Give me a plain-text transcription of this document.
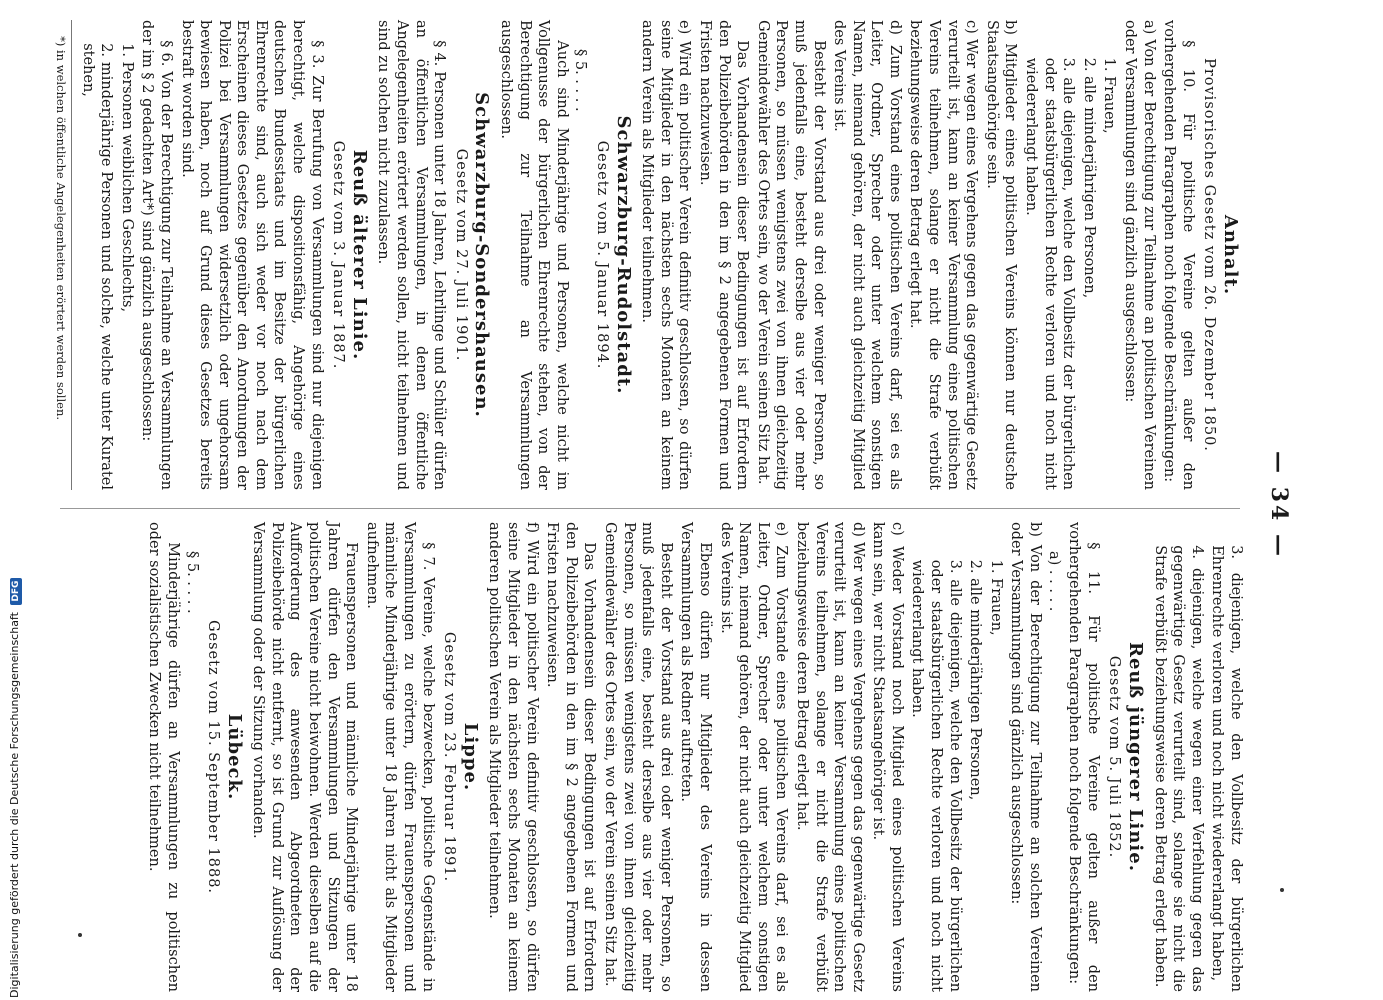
— 34 —
Anhalt.
Provisorisches Gesetz vom 26. Dezember 1850.

§ 10. Für politische Vereine gelten außer den vorhergehenden Paragraphen noch folgende Beschränkungen:

a) Von der Berechtigung zur Teilnahme an politischen Vereinen oder Versammlungen sind gänzlich ausgeschlossen:

1. Frauen,

2. alle minderjährigen Personen,

3. alle diejenigen, welche den Vollbesitz der bürgerlichen oder staatsbürgerlichen Rechte verloren und noch nicht wiedererlangt haben.

b) Mitglieder eines politischen Vereins können nur deutsche Staatsangehörige sein.

c) Wer wegen eines Vergehens gegen das gegenwärtige Gesetz verurteilt ist, kann an keiner Versammlung eines politischen Vereins teilnehmen, solange er nicht die Strafe verbüßt beziehungsweise deren Betrag erlegt hat.

d) Zum Vorstand eines politischen Vereins darf, sei es als Leiter, Ordner, Sprecher oder unter welchem sonstigen Namen, niemand gehören, der nicht auch gleichzeitig Mitglied des Vereins ist.

Besteht der Vorstand aus drei oder weniger Personen, so muß jedenfalls eine, besteht derselbe aus vier oder mehr Personen, so müssen wenigstens zwei von ihnen gleichzeitig Gemeindewähler des Ortes sein, wo der Verein seinen Sitz hat.

Das Vorhandensein dieser Bedingungen ist auf Erfordern den Polizeibehörden in den im § 2 angegebenen Formen und Fristen nachzuweisen.

e) Wird ein politischer Verein definitiv geschlossen, so dürfen seine Mitglieder in den nächsten sechs Monaten an keinem andern Verein als Mitglieder teilnehmen.

Schwarzburg-Rudolstadt.
Gesetz vom 5. Januar 1894.
§ 5. . . . .

Auch sind Minderjährige und Personen, welche nicht im Vollgenusse der bürgerlichen Ehrenrechte stehen, von der Berechtigung zur Teilnahme an Versammlungen ausgeschlossen.

Schwarzburg-Sondershausen.
Gesetz vom 27. Juli 1901.

§ 4. Personen unter 18 Jahren, Lehrlinge und Schüler dürfen an öffentlichen Versammlungen, in denen öffentliche Angelegenheiten erörtert werden sollen, nicht teilnehmen und sind zu solchen nicht zuzulassen.

Reuß älterer Linie.
Gesetz vom 3. Januar 1887.

§ 3. Zur Berufung von Versammlungen sind nur diejenigen berechtigt, welche dispositionsfähig, Angehörige eines deutschen Bundesstaats und im Besitze der bürgerlichen Ehrenrechte sind, auch sich weder vor noch nach dem Erscheinen dieses Gesetzes gegenüber den Anordnungen der Polizei bei Versammlungen widersetzlich oder ungehorsam bewiesen haben, noch auf Grund dieses Gesetzes bereits bestraft worden sind.

§ 6. Von der Berechtigung zur Teilnahme an Versammlungen der im § 2 gedachten Art*) sind gänzlich ausgeschlossen:

1. Personen weiblichen Geschlechts,

2. minderjährige Personen und solche, welche unter Kuratel stehen,

*) in welchen öffentliche Angelegenheiten erörtert werden sollen.

3. diejenigen, welche den Vollbesitz der bürgerlichen Ehrenrechte verloren und noch nicht wiedererlangt haben,

4. diejenigen, welche wegen einer Verfehlung gegen das gegenwärtige Gesetz verurteilt sind, solange sie nicht die Strafe verbüßt beziehungsweise deren Betrag erlegt haben.

Reuß jüngerer Linie.
Gesetz vom 5. Juli 1852.

§ 11. Für politische Vereine gelten außer den vorhergehenden Paragraphen noch folgende Beschränkungen:

a) . . . . .

b) Von der Berechtigung zur Teilnahme an solchen Vereinen oder Versammlungen sind gänzlich ausgeschlossen:

1. Frauen,

2. alle minderjährigen Personen,

3. alle diejenigen, welche den Vollbesitz der bürgerlichen oder staatsbürgerlichen Rechte verloren und noch nicht wiedererlangt haben.

c) Weder Vorstand noch Mitglied eines politischen Vereins kann sein, wer nicht Staatsangehöriger ist.

d) Wer wegen eines Vergehens gegen das gegenwärtige Gesetz verurteilt ist, kann an keiner Versammlung eines politischen Vereins teilnehmen, solange er nicht die Strafe verbüßt beziehungsweise deren Betrag erlegt hat.

e) Zum Vorstande eines politischen Vereins darf, sei es als Leiter, Ordner, Sprecher oder unter welchem sonstigen Namen, niemand gehören, der nicht auch gleichzeitig Mitglied des Vereins ist.

Ebenso dürfen nur Mitglieder des Vereins in dessen Versammlungen als Redner auftreten.

Besteht der Vorstand aus drei oder weniger Personen, so muß jedenfalls eine, besteht derselbe aus vier oder mehr Personen, so müssen wenigstens zwei von ihnen gleichzeitig Gemeindewähler des Ortes sein, wo der Verein seinen Sitz hat.

Das Vorhandensein dieser Bedingungen ist auf Erfordern den Polizeibehörden in den im § 2 angegebenen Formen und Fristen nachzuweisen.

f) Wird ein politischer Verein definitiv geschlossen, so dürfen seine Mitglieder in den nächsten sechs Monaten an keinem anderen politischen Verein als Mitglieder teilnehmen.

Lippe.
Gesetz vom 23. Februar 1891.

§ 7. Vereine, welche bezwecken, politische Gegenstände in Versammlungen zu erörtern, dürfen Frauenspersonen und männliche Minderjährige unter 18 Jahren nicht als Mitglieder aufnehmen.

Frauenspersonen und männliche Minderjährige unter 18 Jahren dürfen den Versammlungen und Sitzungen der politischen Vereine nicht beiwohnen. Werden dieselben auf die Aufforderung des anwesenden Abgeordneten der Polizeibehörde nicht entfernt, so ist Grund zur Auflösung der Versammlung oder der Sitzung vorhanden.

Lübeck.
Gesetz vom 15. September 1888.
§ 5. . . . .

Minderjährige dürfen an Versammlungen zu politischen oder sozialistischen Zwecken nicht teilnehmen.

Digitalisierung gefördert durch die Deutsche Forschungsgemeinschaft DFG
